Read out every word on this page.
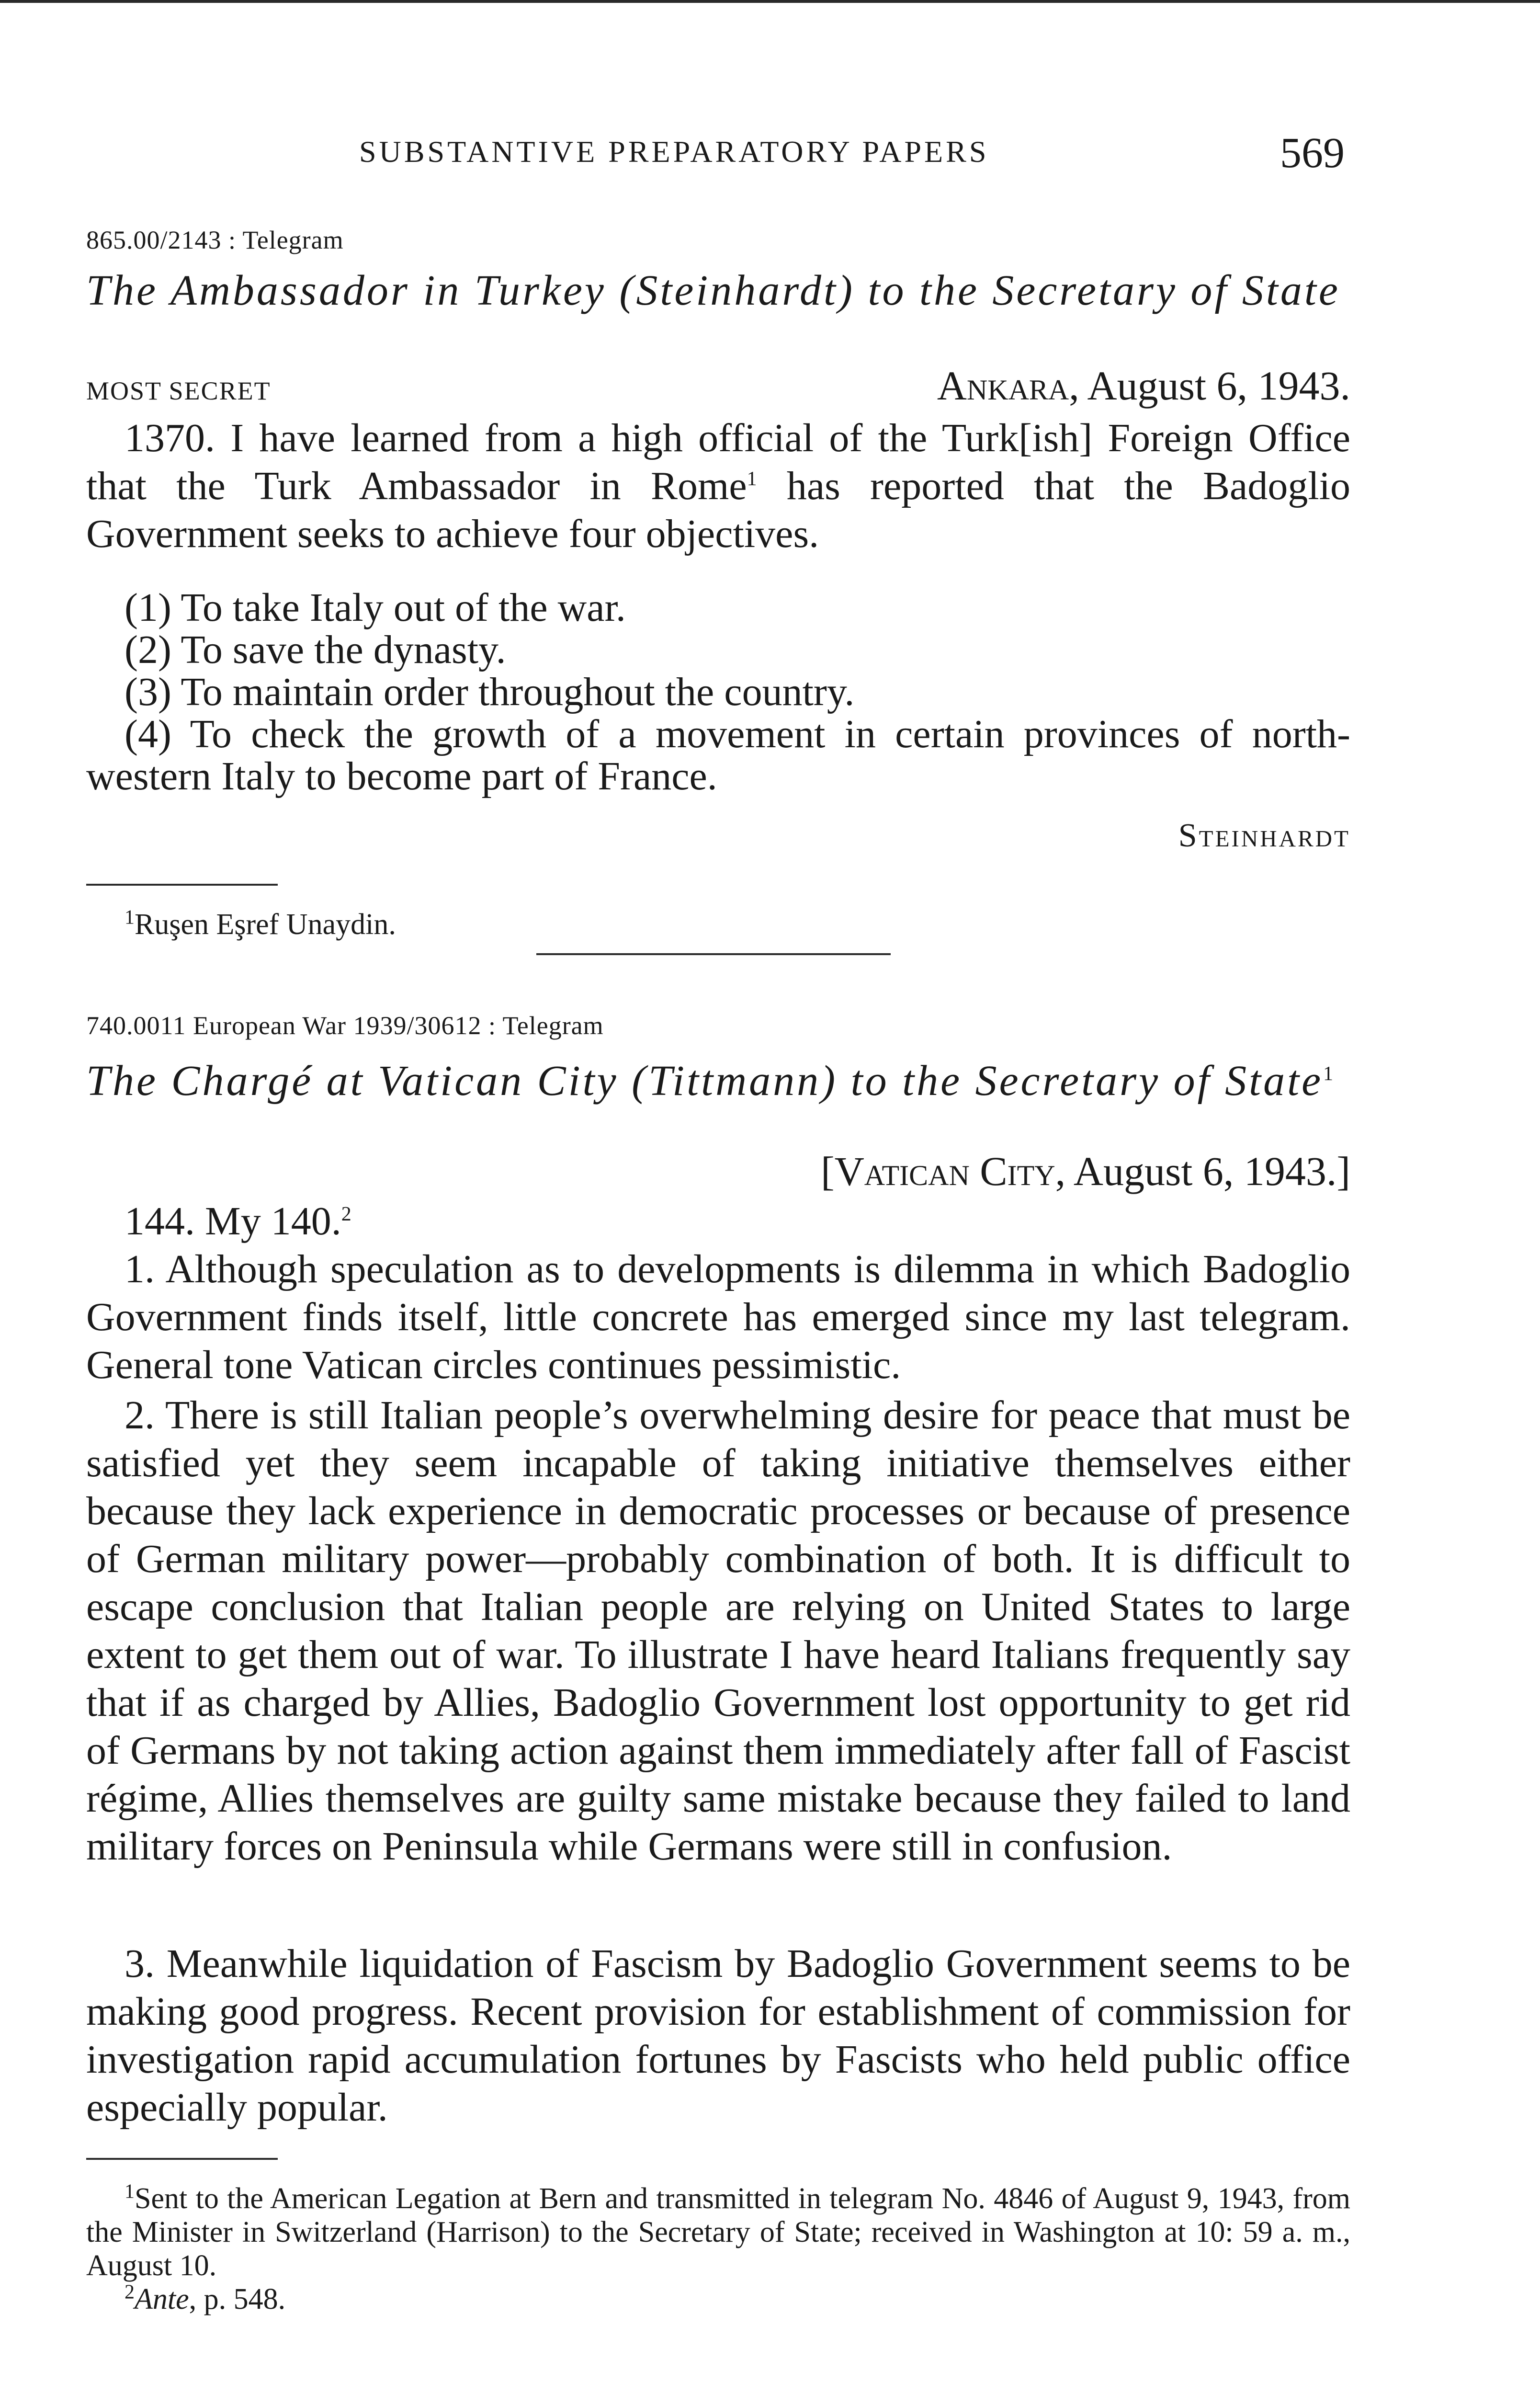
SUBSTANTIVE PREPARATORY PAPERS	569
865.00/2143 : Telegram
The Ambassador in Turkey (Steinhardt) to the Secretary of State
MOST SECRET	Ankara, August 6, 1943.

1370. I have learned from a high official of the Turk[ish] Foreign Office that the Turk Ambassador in Rome$^1$ has reported that the Badoglio Government seeks to achieve four objectives.

(1) To take Italy out of the war.

(2) To save the dynasty.

(3) To maintain order throughout the country.

(4) To check the growth of a movement in certain provinces of north-western Italy to become part of France.

Steinhardt

$^1$Ruşen Eşref Unaydin.

740.0011 European War 1939/30612 : Telegram
The Chargé at Vatican City (Tittmann) to the Secretary of State$^1$
[Vatican City, August 6, 1943.]

144. My 140.$^2$

1. Although speculation as to developments is dilemma in which Badoglio Government finds itself, little concrete has emerged since my last telegram. General tone Vatican circles continues pessimistic.

2. There is still Italian people’s overwhelming desire for peace that must be satisfied yet they seem incapable of taking initiative themselves either because they lack experience in democratic processes or because of presence of German military power—probably combination of both. It is difficult to escape conclusion that Italian people are relying on United States to large extent to get them out of war. To illustrate I have heard Italians frequently say that if as charged by Allies, Badoglio Government lost opportunity to get rid of Germans by not taking action against them immediately after fall of Fascist régime, Allies themselves are guilty same mistake because they failed to land military forces on Peninsula while Germans were still in confusion.

3. Meanwhile liquidation of Fascism by Badoglio Government seems to be making good progress. Recent provision for establishment of commission for investigation rapid accumulation fortunes by Fascists who held public office especially popular.

$^1$Sent to the American Legation at Bern and transmitted in telegram No. 4846 of August 9, 1943, from the Minister in Switzerland (Harrison) to the Secretary of State; received in Washington at 10: 59 a. m., August 10.

$^2$Ante, p. 548.
